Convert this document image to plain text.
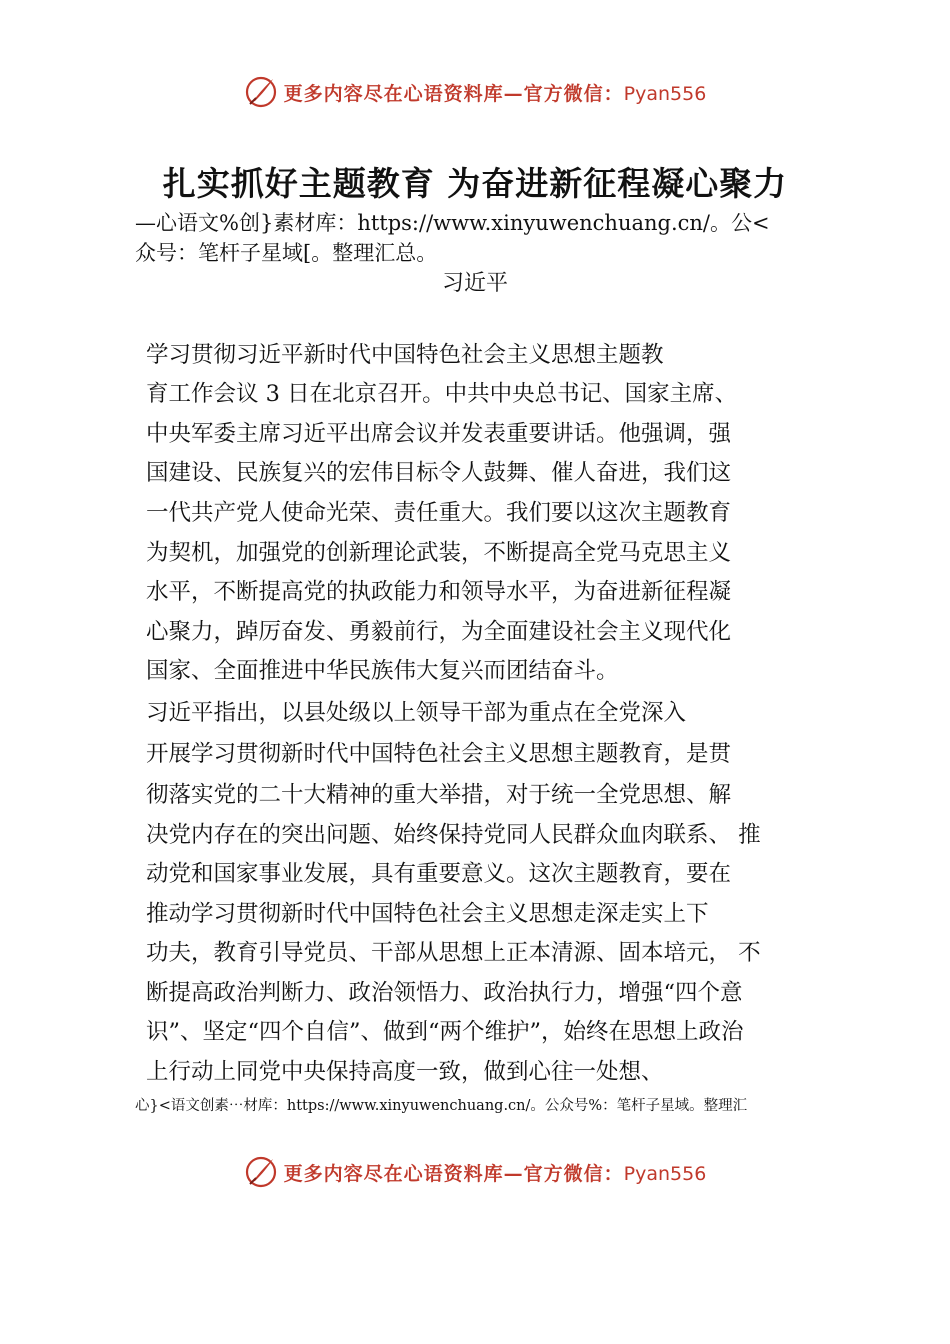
更多内容尽在心语资料库—官方微信：Pyan556
扎实抓好主题教育 为奋进新征程凝心聚力
—心语文%创}素材库：https://www.xinyuwenchuang.cn/。公<
众号：笔杆子星域[。整理汇总。
习近平
学习贯彻习近平新时代中国特色社会主义思想主题教
育工作会议 3 日在北京召开。中共中央总书记、国家主席、
中央军委主席习近平出席会议并发表重要讲话。他强调，强
国建设、民族复兴的宏伟目标令人鼓舞、催人奋进，我们这
一代共产党人使命光荣、责任重大。我们要以这次主题教育
为契机，加强党的创新理论武装，不断提高全党马克思主义
水平，不断提高党的执政能力和领导水平，为奋进新征程凝
心聚力，踔厉奋发、勇毅前行，为全面建设社会主义现代化
国家、全面推进中华民族伟大复兴而团结奋斗。
习近平指出，以县处级以上领导干部为重点在全党深入
开展学习贯彻新时代中国特色社会主义思想主题教育，是贯
彻落实党的二十大精神的重大举措，对于统一全党思想、解
决党内存在的突出问题、始终保持党同人民群众血肉联系、 推
动党和国家事业发展，具有重要意义。这次主题教育，要在
推动学习贯彻新时代中国特色社会主义思想走深走实上下
功夫，教育引导党员、干部从思想上正本清源、固本培元， 不
断提高政治判断力、政治领悟力、政治执行力，增强“四个意
识”、坚定“四个自信”、做到“两个维护”，始终在思想上政治
上行动上同党中央保持高度一致，做到心往一处想、
心}<语文创素⋯材库：https://www.xinyuwenchuang.cn/。公众号%：笔杆子星域。整理汇
更多内容尽在心语资料库—官方微信：Pyan556
